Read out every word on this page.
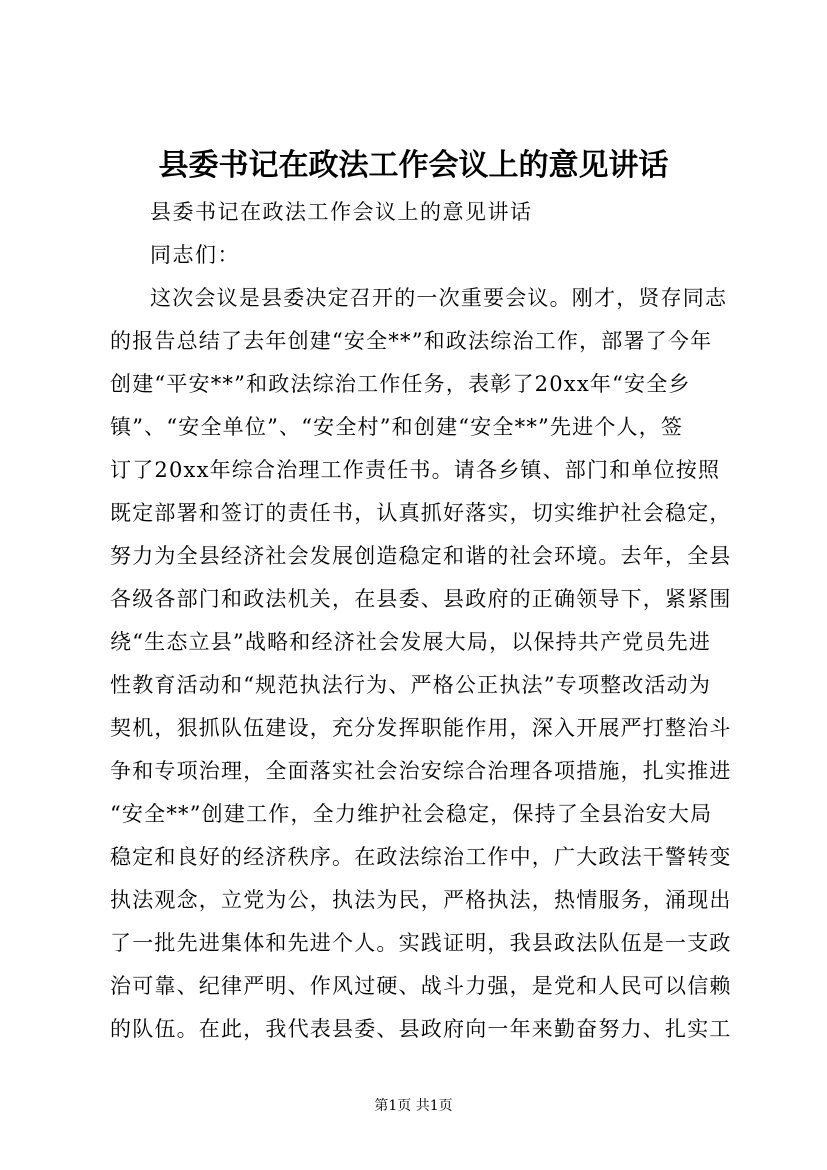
县委书记在政法工作会议上的意见讲话
县委书记在政法工作会议上的意见讲话
同志们：
这次会议是县委决定召开的一次重要会议。刚才，贤存同志
的报告总结了去年创建“安全**”和政法综治工作，部署了今年
创建“平安**”和政法综治工作任务，表彰了20xx年“安全乡
镇”、“安全单位”、“安全村”和创建“安全**”先进个人，签
订了20xx年综合治理工作责任书。请各乡镇、部门和单位按照
既定部署和签订的责任书，认真抓好落实，切实维护社会稳定，
努力为全县经济社会发展创造稳定和谐的社会环境。去年，全县
各级各部门和政法机关，在县委、县政府的正确领导下，紧紧围
绕“生态立县”战略和经济社会发展大局，以保持共产党员先进
性教育活动和“规范执法行为、严格公正执法”专项整改活动为
契机，狠抓队伍建设，充分发挥职能作用，深入开展严打整治斗
争和专项治理，全面落实社会治安综合治理各项措施，扎实推进
“安全**”创建工作，全力维护社会稳定，保持了全县治安大局
稳定和良好的经济秩序。在政法综治工作中，广大政法干警转变
执法观念，立党为公，执法为民，严格执法，热情服务，涌现出
了一批先进集体和先进个人。实践证明，我县政法队伍是一支政
治可靠、纪律严明、作风过硬、战斗力强，是党和人民可以信赖
的队伍。在此，我代表县委、县政府向一年来勤奋努力、扎实工
第1页 共1页
